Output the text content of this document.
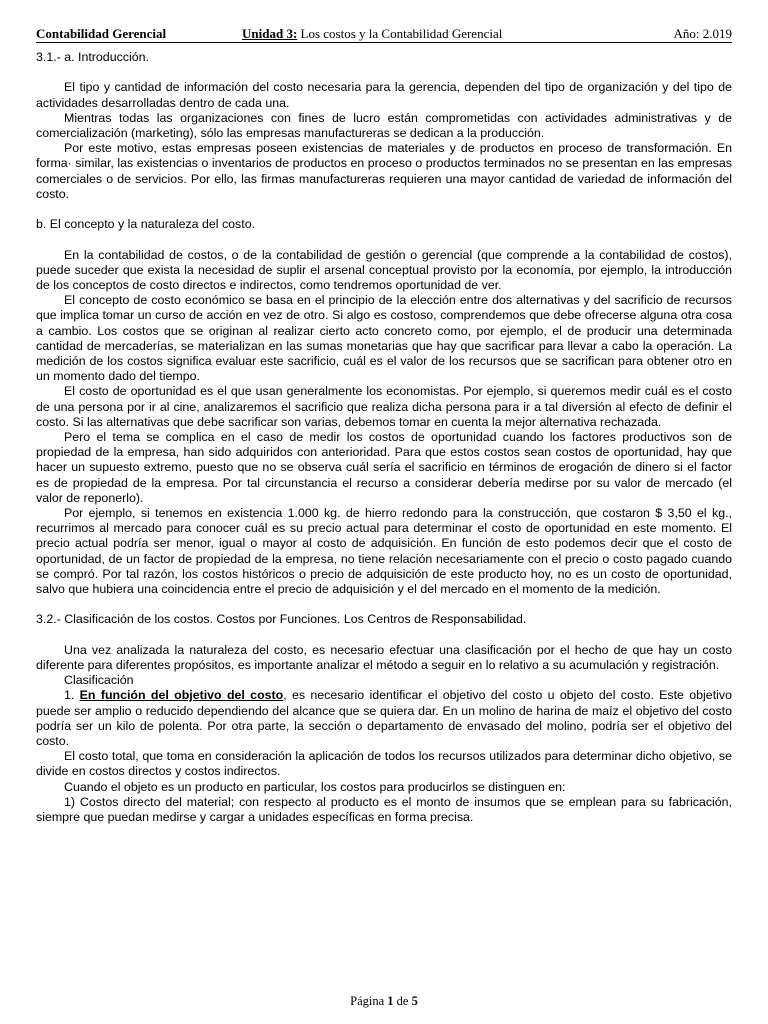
Contabilidad Gerencial	Unidad 3: Los costos y la Contabilidad Gerencial	Año: 2.019

3.1.- a. Introducción.

El tipo y cantidad de información del costo necesaria para la gerencia, dependen del tipo de organización y del tipo de actividades desarrolladas dentro de cada una.

Mientras todas las organizaciones con fines de lucro están comprometidas con actividades administrativas y de comercialización (marketing), sólo las empresas manufactureras se dedican a la producción.

Por este motivo, estas empresas poseen existencias de materiales y de productos en proceso de transformación. En forma· similar, las existencias o inventarios de productos en proceso o productos terminados no se presentan en las empresas comerciales o de servicios. Por ello, las firmas manufactureras requieren una mayor cantidad de variedad de información del costo.

b. El concepto y la naturaleza del costo.

En la contabilidad de costos, o de la contabilidad de gestión o gerencial (que comprende a la contabilidad de costos), puede suceder que exista la necesidad de suplir el arsenal conceptual provisto por la economía, por ejemplo, la introducción de los conceptos de costo directos e indirectos, como tendremos oportunidad de ver.

El concepto de costo económico se basa en el principio de la elección entre dos alternativas y del sacrificio de recursos que implica tomar un curso de acción en vez de otro. Si algo es costoso, comprendemos que debe ofrecerse alguna otra cosa a cambio. Los costos que se originan al realizar cierto acto concreto como, por ejemplo, el de producir una determinada cantidad de mercaderías, se materializan en las sumas monetarias que hay que sacrificar para llevar a cabo la operación. La medición de los costos significa evaluar este sacrificio, cuál es el valor de los recursos que se sacrifican para obtener otro en un momento dado del tiempo.

El costo de oportunidad es el que usan generalmente los economistas. Por ejemplo, si queremos medir cuál es el costo de una persona por ir al cine, analizaremos el sacrificio que realiza dicha persona para ir a tal diversión al efecto de definir el costo. Si las alternativas que debe sacrificar son varias, debemos tomar en cuenta la mejor alternativa rechazada.

Pero el tema se complica en el caso de medir los costos de oportunidad cuando los factores productivos son de propiedad de la empresa, han sido adquiridos con anterioridad. Para que estos costos sean costos de oportunidad, hay que hacer un supuesto extremo, puesto que no se observa cuál sería el sacrificio en términos de erogación de dinero si el factor es de propiedad de la empresa. Por tal circunstancia el recurso a considerar debería medirse por su valor de mercado (el valor de reponerlo).

Por ejemplo, si tenemos en existencia 1.000 kg. de hierro redondo para la construcción, que costaron $ 3,50 el kg., recurrimos al mercado para conocer cuál es su precio actual para determinar el costo de oportunidad en este momento. El precio actual podría ser menor, igual o mayor al costo de adquisición. En función de esto podemos decir que el costo de oportunidad, de un factor de propiedad de la empresa, no tiene relación necesariamente con el precio o costo pagado cuando se compró. Por tal razón, los costos históricos o precio de adquisición de este producto hoy, no es un costo de oportunidad, salvo que hubiera una coincidencia entre el precio de adquisición y el del mercado en el momento de la medición.

3.2.- Clasificación de los costos. Costos por Funciones. Los Centros de Responsabilidad.

Una vez analizada la naturaleza del costo, es necesario efectuar una clasificación por el hecho de que hay un costo diferente para diferentes propósitos, es importante analizar el método a seguir en lo relativo a su acumulación y registración.

Clasificación

1. En función del objetivo del costo, es necesario identificar el objetivo del costo u objeto del costo. Este objetivo puede ser amplio o reducido dependiendo del alcance que se quiera dar. En un molino de harina de maíz el objetivo del costo podría ser un kilo de polenta. Por otra parte, la sección o departamento de envasado del molino, podría ser el objetivo del costo.

El costo total, que toma en consideración la aplicación de todos los recursos utilizados para determinar dicho objetivo, se divide en costos directos y costos indirectos.

Cuando el objeto es un producto en particular, los costos para producirlos se distinguen en:

1) Costos directo del material; con respecto al producto es el monto de insumos que se emplean para su fabricación, siempre que puedan medirse y cargar a unidades específicas en forma precisa.

Página 1 de 5
